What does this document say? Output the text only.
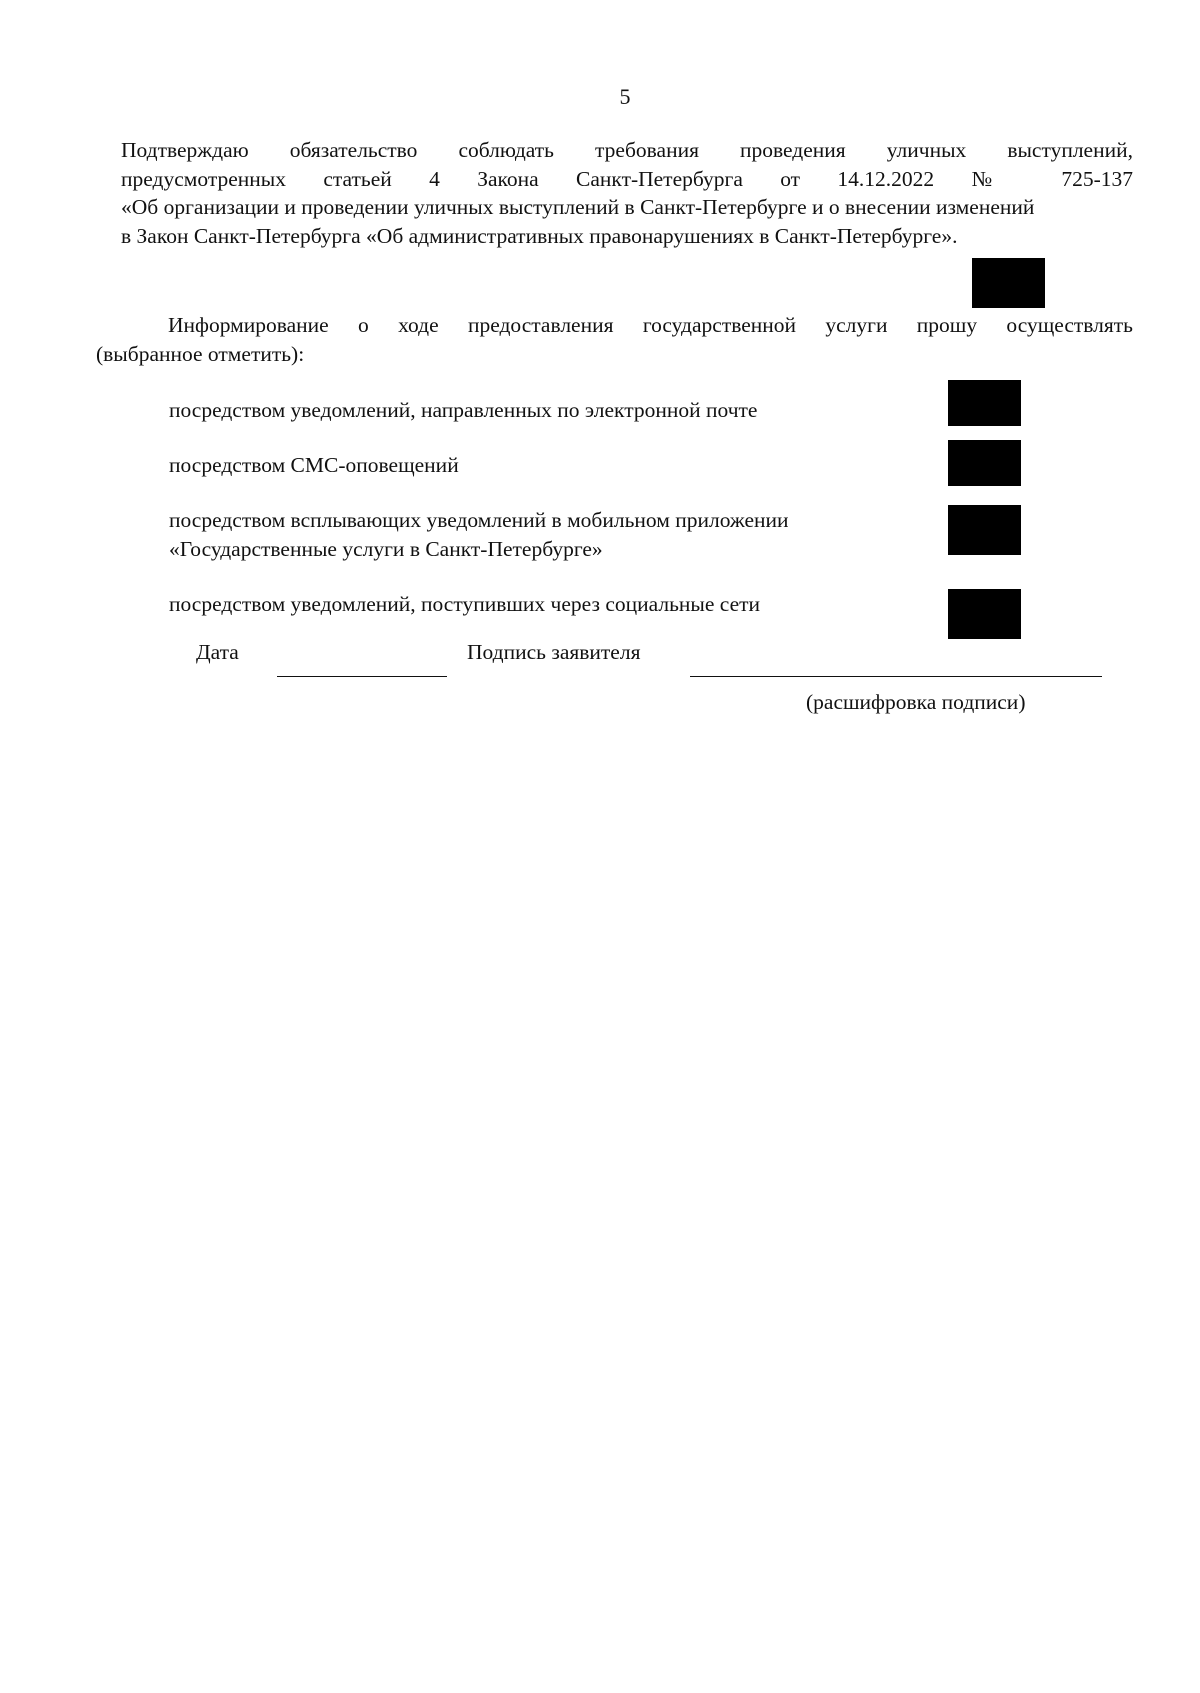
5
Подтверждаю обязательство соблюдать требования проведения уличных выступлений,
предусмотренных статьей 4 Закона Санкт-Петербурга от 14.12.2022 № 725-137
«Об организации и проведении уличных выступлений в Санкт-Петербурге и о внесении изменений
в Закон Санкт-Петербурга «Об административных правонарушениях в Санкт-Петербурге».
Информирование о ходе предоставления государственной услуги прошу осуществлять
(выбранное отметить):
посредством уведомлений, направленных по электронной почте
посредством СМС-оповещений
посредством всплывающих уведомлений в мобильном приложении
«Государственные услуги в Санкт-Петербурге»
посредством уведомлений, поступивших через социальные сети
Дата	Подпись заявителя
(расшифровка подписи)
